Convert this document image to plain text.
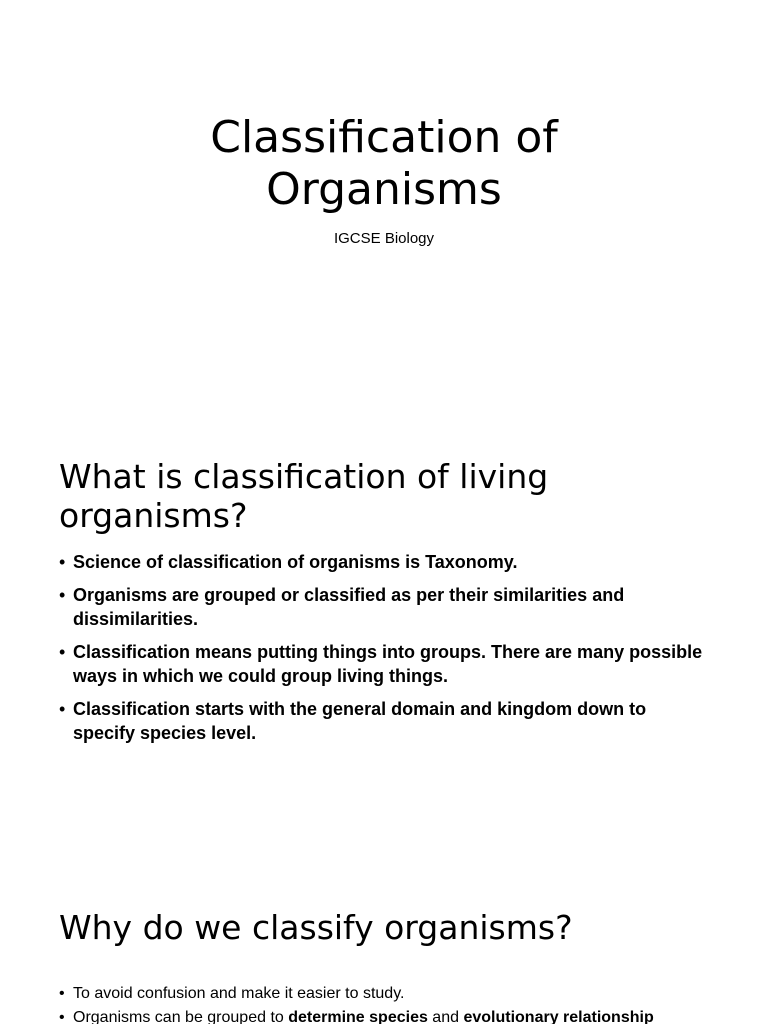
Classification of
Organisms

IGCSE Biology

What is classification of living
organisms?
• Science of classification of organisms is Taxonomy.
• Organisms are grouped or classified as per their similarities and dissimilarities.
• Classification means putting things into groups. There are many possible ways in which we could group living things.
• Classification starts with the general domain and kingdom down to specify species level.
Why do we classify organisms?
• To avoid confusion and make it easier to study.
• Organisms can be grouped to determine species and evolutionary relationship
